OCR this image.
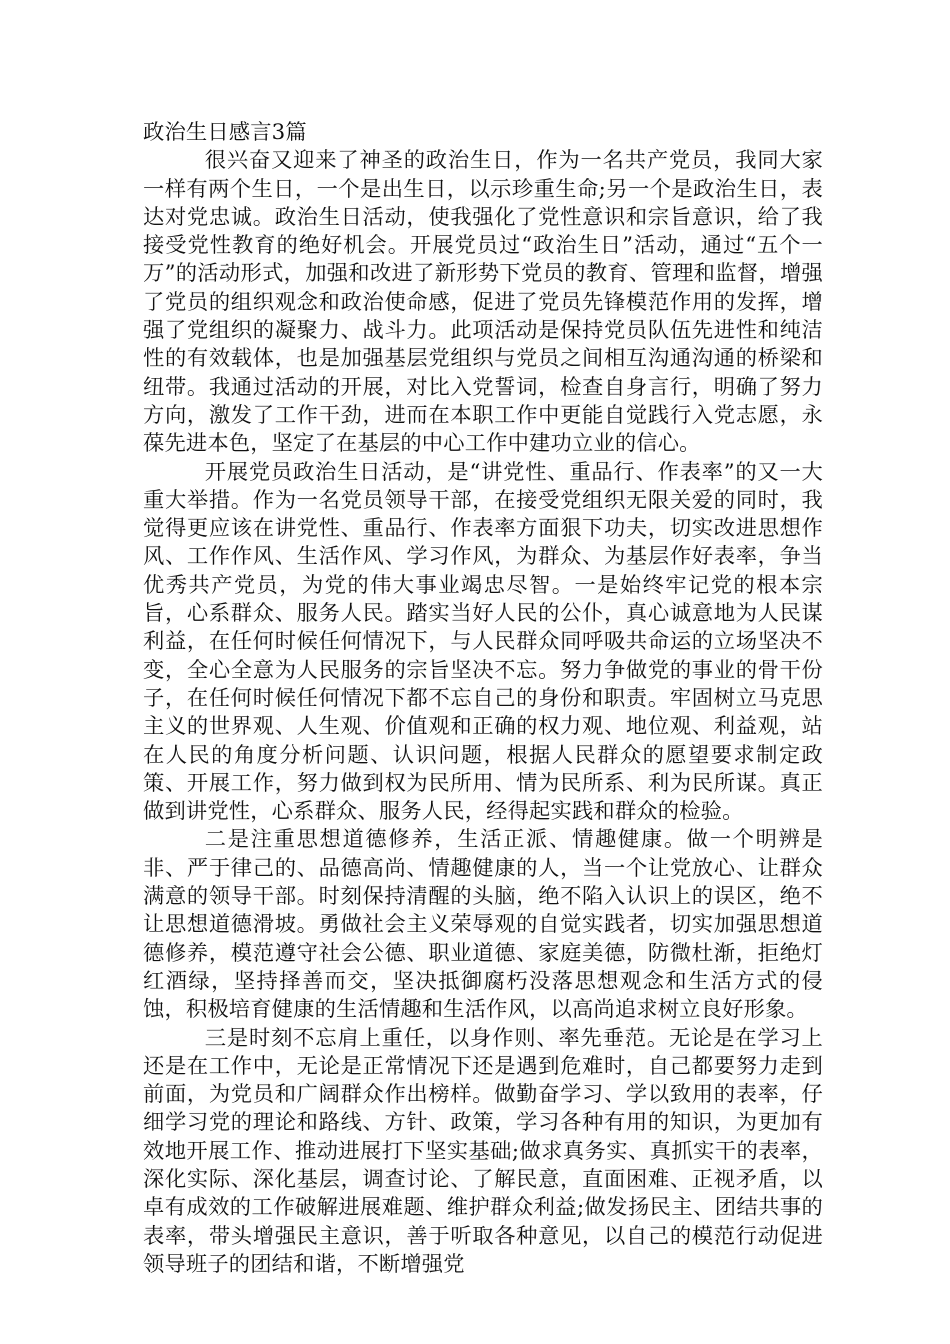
政治生日感言3篇

很兴奋又迎来了神圣的政治生日，作为一名共产党员，我同大家一样有两个生日，一个是出生日，以示珍重生命;另一个是政治生日，表达对党忠诚。政治生日活动，使我强化了党性意识和宗旨意识，给了我接受党性教育的绝好机会。开展党员过“政治生日”活动，通过“五个一万”的活动形式，加强和改进了新形势下党员的教育、管理和监督，增强了党员的组织观念和政治使命感，促进了党员先锋模范作用的发挥，增强了党组织的凝聚力、战斗力。此项活动是保持党员队伍先进性和纯洁性的有效载体，也是加强基层党组织与党员之间相互沟通沟通的桥梁和纽带。我通过活动的开展，对比入党誓词，检查自身言行，明确了努力方向，激发了工作干劲，进而在本职工作中更能自觉践行入党志愿，永葆先进本色，坚定了在基层的中心工作中建功立业的信心。

开展党员政治生日活动，是“讲党性、重品行、作表率”的又一大重大举措。作为一名党员领导干部，在接受党组织无限关爱的同时，我觉得更应该在讲党性、重品行、作表率方面狠下功夫，切实改进思想作风、工作作风、生活作风、学习作风，为群众、为基层作好表率，争当优秀共产党员，为党的伟大事业竭忠尽智。一是始终牢记党的根本宗旨，心系群众、服务人民。踏实当好人民的公仆，真心诚意地为人民谋利益，在任何时候任何情况下，与人民群众同呼吸共命运的立场坚决不变，全心全意为人民服务的宗旨坚决不忘。努力争做党的事业的骨干份子，在任何时候任何情况下都不忘自己的身份和职责。牢固树立马克思主义的世界观、人生观、价值观和正确的权力观、地位观、利益观，站在人民的角度分析问题、认识问题，根据人民群众的愿望要求制定政策、开展工作，努力做到权为民所用、情为民所系、利为民所谋。真正做到讲党性，心系群众、服务人民，经得起实践和群众的检验。

二是注重思想道德修养，生活正派、情趣健康。做一个明辨是非、严于律己的、品德高尚、情趣健康的人，当一个让党放心、让群众满意的领导干部。时刻保持清醒的头脑，绝不陷入认识上的误区，绝不让思想道德滑坡。勇做社会主义荣辱观的自觉实践者，切实加强思想道德修养，模范遵守社会公德、职业道德、家庭美德，防微杜渐，拒绝灯红酒绿，坚持择善而交，坚决抵御腐朽没落思想观念和生活方式的侵蚀，积极培育健康的生活情趣和生活作风，以高尚追求树立良好形象。

三是时刻不忘肩上重任，以身作则、率先垂范。无论是在学习上还是在工作中，无论是正常情况下还是遇到危难时，自己都要努力走到前面，为党员和广阔群众作出榜样。做勤奋学习、学以致用的表率，仔细学习党的理论和路线、方针、政策，学习各种有用的知识，为更加有效地开展工作、推动进展打下坚实基础;做求真务实、真抓实干的表率，深化实际、深化基层，调查讨论、了解民意，直面困难、正视矛盾，以卓有成效的工作破解进展难题、维护群众利益;做发扬民主、团结共事的表率，带头增强民主意识，善于听取各种意见，以自己的模范行动促进领导班子的团结和谐，不断增强党
